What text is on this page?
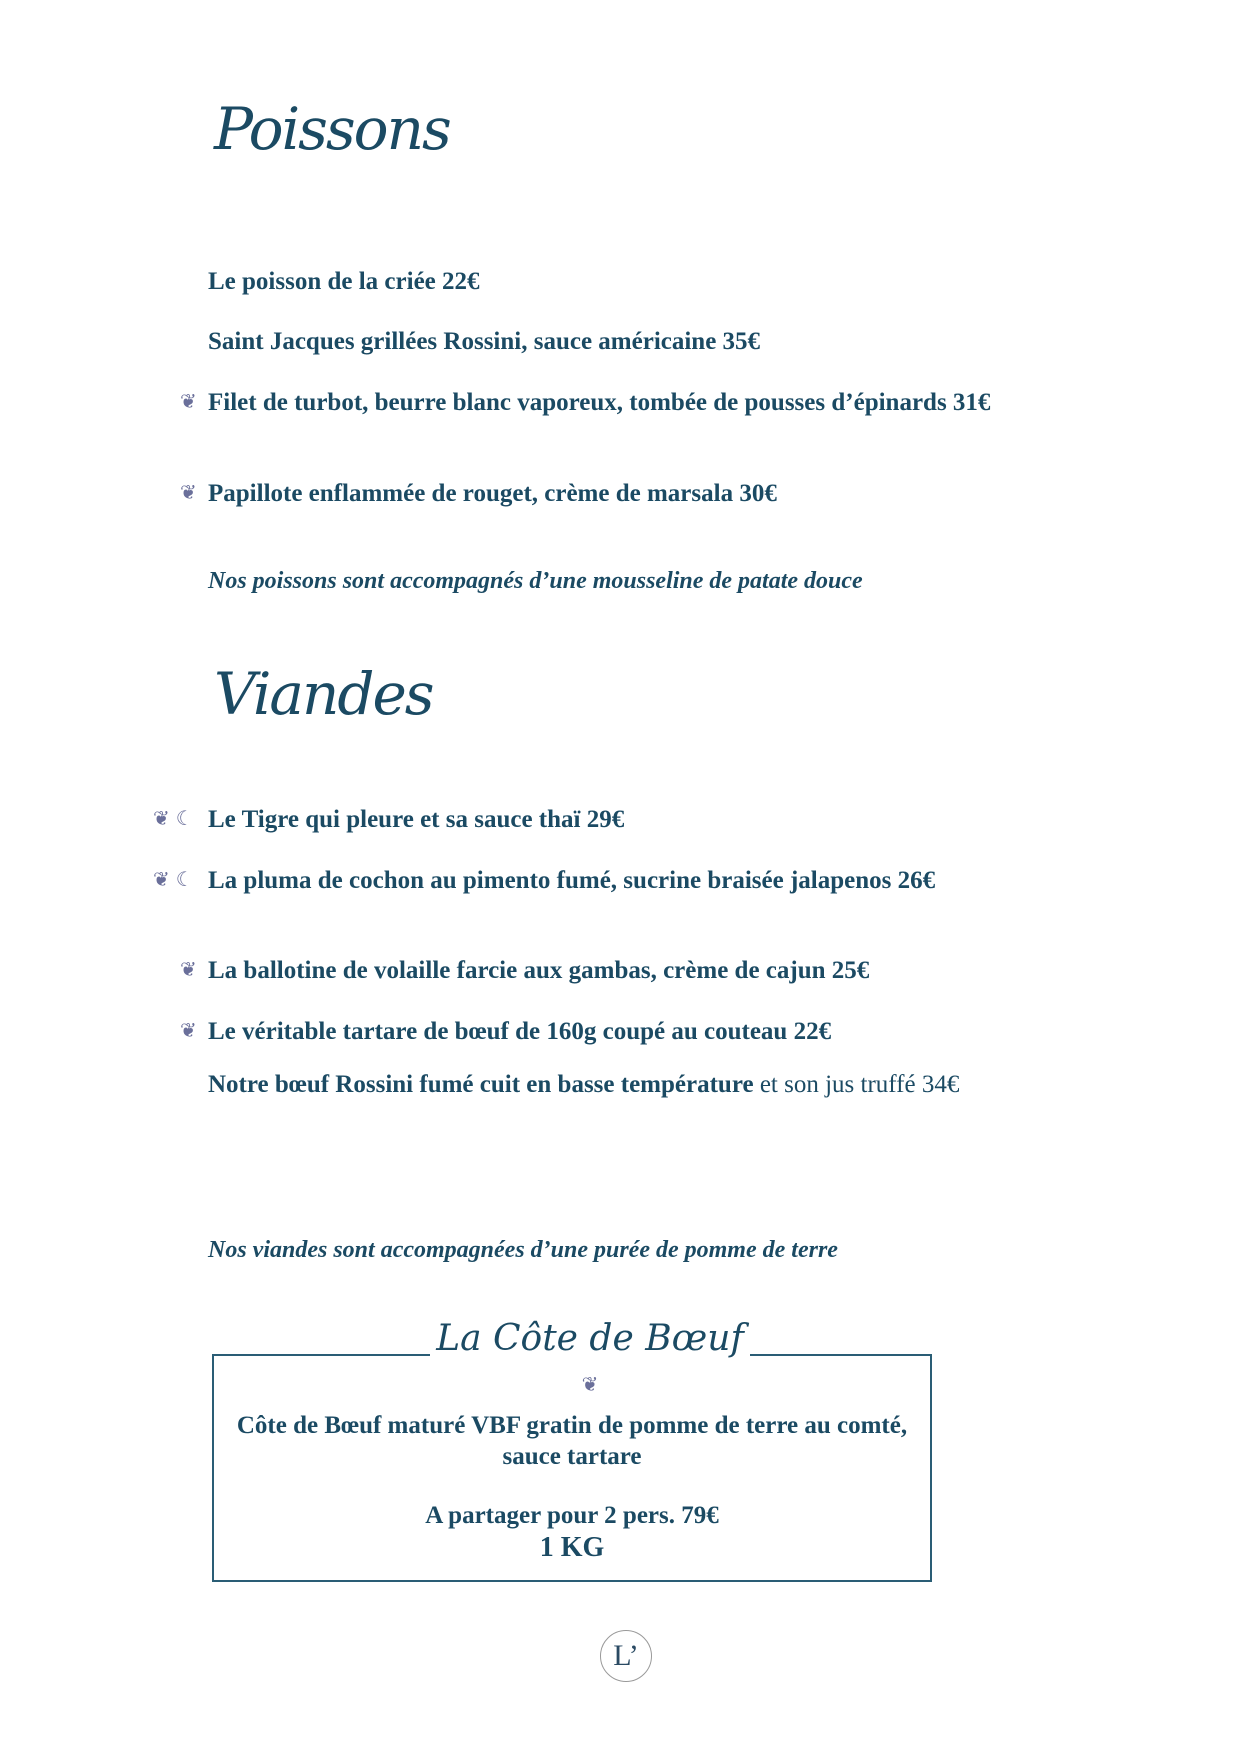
Poissons
Le poisson de la criée 22€
Saint Jacques grillées Rossini, sauce américaine 35€
❦ Filet de turbot, beurre blanc vaporeux, tombée de pousses d’épinards 31€
❦ Papillote enflammée de rouget, crème de marsala 30€
Nos poissons sont accompagnés d’une mousseline de patate douce
Viandes
❦ ☾ Le Tigre qui pleure et sa sauce thaï 29€
❦ ☾ La pluma de cochon au pimento fumé, sucrine braisée jalapenos 26€
❦ La ballotine de volaille farcie aux gambas, crème de cajun 25€
❦ Le véritable tartare de bœuf de 160g coupé au couteau 22€
Notre bœuf Rossini fumé cuit en basse température et son jus truffé 34€
Nos viandes sont accompagnées d’une purée de pomme de terre
La Côte de Bœuf ❦
Côte de Bœuf maturé VBF gratin de pomme de terre au comté, sauce tartare
A partager pour 2 pers. 79€
1 KG
L’
